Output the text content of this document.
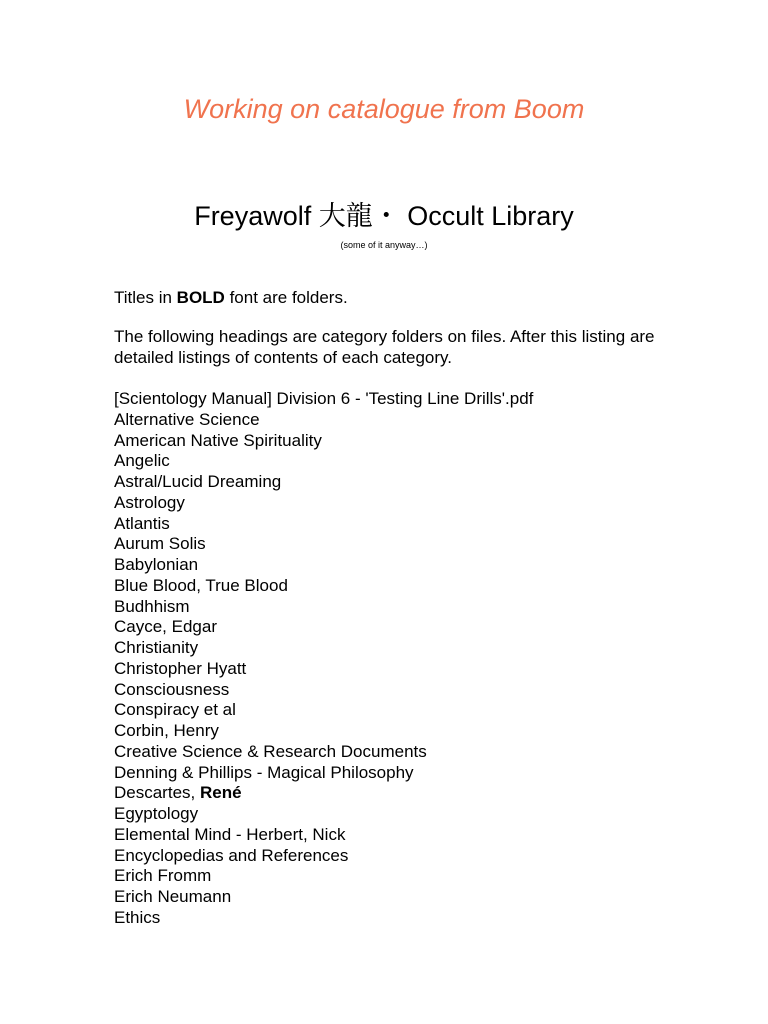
Working on catalogue from Boom
Freyawolf 大龍・ Occult Library
(some of it anyway…)
Titles in BOLD font are folders.
The following headings are category folders on files. After this listing are detailed listings of contents of each category.
[Scientology Manual] Division 6 - 'Testing Line Drills'.pdf
Alternative Science
American Native Spirituality
Angelic
Astral/Lucid Dreaming
Astrology
Atlantis
Aurum Solis
Babylonian
Blue Blood, True Blood
Budhhism
Cayce, Edgar
Christianity
Christopher Hyatt
Consciousness
Conspiracy et al
Corbin, Henry
Creative Science & Research Documents
Denning & Phillips - Magical Philosophy
Descartes, René
Egyptology
Elemental Mind - Herbert, Nick
Encyclopedias and References
Erich Fromm
Erich Neumann
Ethics
